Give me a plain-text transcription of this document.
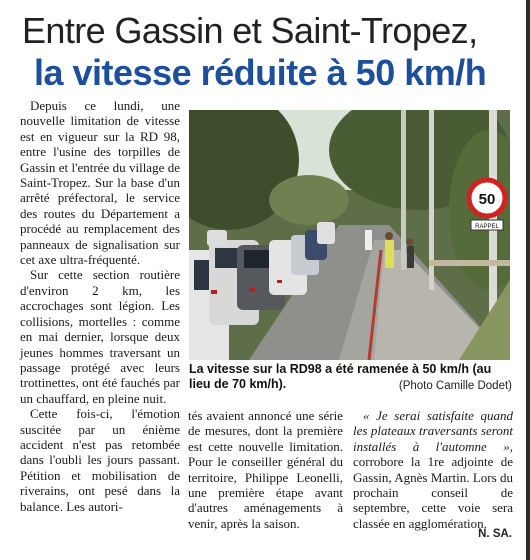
Entre Gassin et Saint-Tropez,
la vitesse réduite à 50 km/h

Depuis ce lundi, une nouvelle limitation de vitesse est en vigueur sur la RD 98, entre l'usine des torpilles de Gassin et l'entrée du village de Saint-Tropez. Sur la base d'un arrêté préfectoral, le service des routes du Département a procédé au remplacement des panneaux de signalisation sur cet axe ultra-fréquenté.

Sur cette section routière d'environ 2 km, les accrochages sont légion. Les collisions, mortelles : comme en mai dernier, lorsque deux jeunes hommes traversant un passage protégé avec leurs trottinettes, ont été fauchés par un chauffard, en pleine nuit.

Cette fois-ci, l'émotion suscitée par un énième accident n'est pas retombée dans l'oubli les jours passant. Pétition et mobilisation de riverains, ont pesé dans la balance. Les autori-

50
RAPPEL
La vitesse sur la RD98 a été ramenée à 50 km/h (au lieu de 70 km/h).	(Photo Camille Dodet)

tés avaient annoncé une série de mesures, dont la première est cette nouvelle limitation. Pour le conseiller général du territoire, Philippe Leonelli, une première étape avant d'autres aménagements à venir, après la saison.

« Je serai satisfaite quand les plateaux traversants seront installés à l'automne », corrobore la 1re adjointe de Gassin, Agnès Martin. Lors du prochain conseil de septembre, cette voie sera classée en agglomération.

N. SA.
